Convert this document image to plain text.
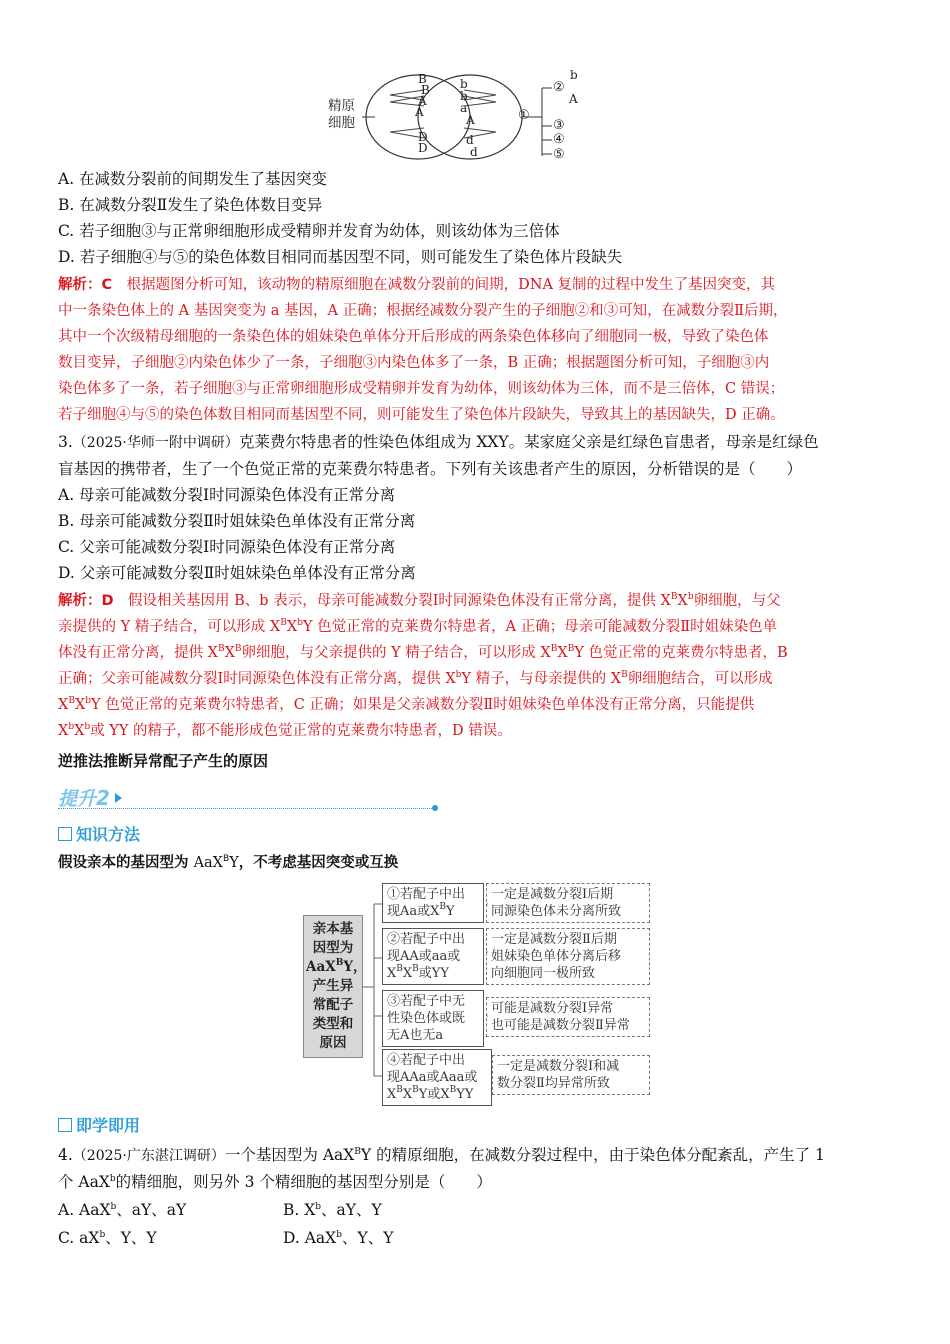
精原
细胞
B
B
A
A
D
D
b
b
a
A
d
d
①
②
③
④
⑤
b
A
A. 在减数分裂前的间期发生了基因突变
B. 在减数分裂Ⅱ发生了染色体数目变异
C. 若子细胞③与正常卵细胞形成受精卵并发育为幼体，则该幼体为三倍体
D. 若子细胞④与⑤的染色体数目相同而基因型不同，则可能发生了染色体片段缺失
解析：C　 根据题图分析可知，该动物的精原细胞在减数分裂前的间期，DNA 复制的过程中发生了基因突变，其
中一条染色体上的 A 基因突变为 a 基因，A 正确；根据经减数分裂产生的子细胞②和③可知，在减数分裂Ⅱ后期，
其中一个次级精母细胞的一条染色体的姐妹染色单体分开后形成的两条染色体移向了细胞同一极，导致了染色体
数目变异，子细胞②内染色体少了一条，子细胞③内染色体多了一条，B 正确；根据题图分析可知，子细胞③内
染色体多了一条，若子细胞③与正常卵细胞形成受精卵并发育为幼体，则该幼体为三体，而不是三倍体，C 错误；
若子细胞④与⑤的染色体数目相同而基因型不同，则可能发生了染色体片段缺失，导致其上的基因缺失，D 正确。
3.（2025·华师一附中调研）克莱费尔特患者的性染色体组成为 XXY。某家庭父亲是红绿色盲患者，母亲是红绿色
盲基因的携带者，生了一个色觉正常的克莱费尔特患者。下列有关该患者产生的原因，分析错误的是（　　）
A. 母亲可能减数分裂Ⅰ时同源染色体没有正常分离
B. 母亲可能减数分裂Ⅱ时姐妹染色单体没有正常分离
C. 父亲可能减数分裂Ⅰ时同源染色体没有正常分离
D. 父亲可能减数分裂Ⅱ时姐妹染色单体没有正常分离
解析：D　 假设相关基因用 B、b 表示，母亲可能减数分裂Ⅰ时同源染色体没有正常分离，提供 $X^BX^b$卵细胞，与父
亲提供的 Y 精子结合，可以形成 $X^BX^bY$ 色觉正常的克莱费尔特患者，A 正确；母亲可能减数分裂Ⅱ时姐妹染色单
体没有正常分离，提供 $X^BX^B$卵细胞，与父亲提供的 Y 精子结合，可以形成 $X^BX^BY$ 色觉正常的克莱费尔特患者，B
正确；父亲可能减数分裂Ⅰ时同源染色体没有正常分离，提供 $X^bY$ 精子，与母亲提供的 $X^B$卵细胞结合，可以形成
$X^BX^bY$ 色觉正常的克莱费尔特患者，C 正确；如果是父亲减数分裂Ⅱ时姐妹染色单体没有正常分离，只能提供
$X^bX^b$或 YY 的精子，都不能形成色觉正常的克莱费尔特患者，D 错误。
逆推法推断异常配子产生的原因
提升2
知识方法
假设亲本的基因型为 AaX$^B$Y，不考虑基因突变或互换
亲本基
因型为
AaX$^B$Y，
产生异
常配子
类型和
原因
①若配子中出
现Aa或$X^BY$
一定是减数分裂Ⅰ后期
同源染色体未分离所致
②若配子中出
现AA或aa或
$X^BX^B$或YY
一定是减数分裂Ⅱ后期
姐妹染色单体分离后移
向细胞同一极所致
③若配子中无
性染色体或既
无A也无a
可能是减数分裂Ⅰ异常
也可能是减数分裂Ⅱ异常
④若配子中出
现AAa或Aaa或
$X^BX^BY$或$X^BYY$
一定是减数分裂Ⅰ和减
数分裂Ⅱ均异常所致
即学即用
4.（2025·广东湛江调研）一个基因型为 AaX$^B$Y 的精原细胞，在减数分裂过程中，由于染色体分配紊乱，产生了 1
个 AaX$^b$的精细胞，则另外 3 个精细胞的基因型分别是（　　）
A. AaX$^b$、aY、aY	B. $X^b$、aY、Y
C. $aX^b$、Y、Y	D. AaX$^b$、Y、Y
